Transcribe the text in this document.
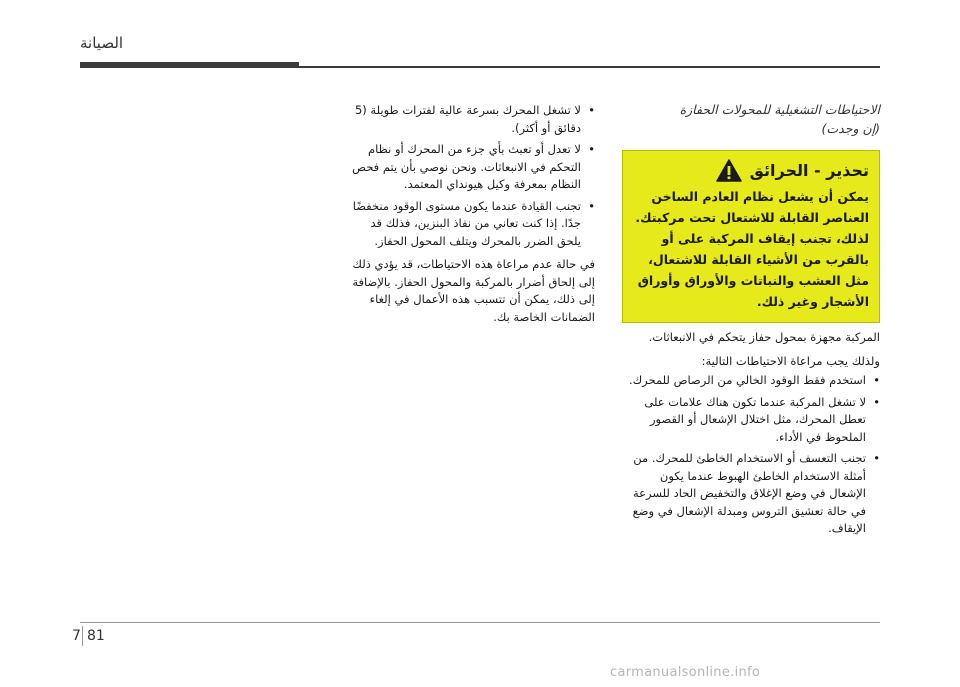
الصيانة
الاحتياطات التشغيلية للمحولات الحفازة
(إن وجدت)
تحذير - الحرائق
يمكن أن يشعل نظام العادم الساخن العناصر القابلة للاشتعال تحت مركبتك. لذلك، تجنب إيقاف المركبة على أو بالقرب من الأشياء القابلة للاشتعال، مثل العشب والنباتات والأوراق وأوراق الأشجار وغير ذلك.

المركبة مجهزة بمحول حفاز يتحكم في الانبعاثات.

ولذلك يجب مراعاة الاحتياطات التالية:

•
استخدم فقط الوقود الخالي من الرصاص للمحرك.
•
لا تشغل المركبة عندما تكون هناك علامات على تعطل المحرك، مثل اختلال الإشعال أو القصور الملحوظ في الأداء.
•
تجنب التعسف أو الاستخدام الخاطئ للمحرك. من أمثلة الاستخدام الخاطئ الهبوط عندما يكون الإشعال في وضع الإغلاق والتخفيض الحاد للسرعة في حالة تعشيق التروس ومبدلة الإشعال في وضع الإيقاف.
•
لا تشغل المحرك بسرعة عالية لفترات طويلة (5 دقائق أو أكثر).
•
لا تعدل أو تعبث بأي جزء من المحرك أو نظام التحكم في الانبعاثات. ونحن نوصي بأن يتم فحص النظام بمعرفة وكيل هيونداي المعتمد.
•
تجنب القيادة عندما يكون مستوى الوقود منخفضًا جدًا. إذا كنت تعاني من نفاذ البنزين، فذلك قد يلحق الضرر بالمحرك ويتلف المحول الحفاز.

في حالة عدم مراعاة هذه الاحتياطات، قد يؤدي ذلك إلى إلحاق أضرار بالمركبة والمحول الحفاز. بالإضافة إلى ذلك، يمكن أن تتسبب هذه الأعمال في إلغاء الضمانات الخاصة بك.

7 81
carmanualsonline.info
